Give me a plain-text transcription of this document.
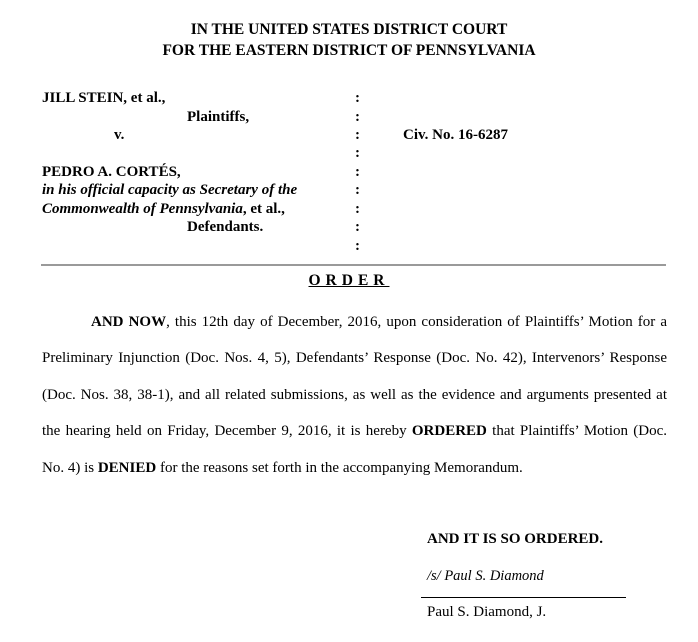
IN THE UNITED STATES DISTRICT COURT
FOR THE EASTERN DISTRICT OF PENNSYLVANIA
JILL STEIN, et al.,
Plaintiffs,
v.
PEDRO A. CORTÉS,
in his official capacity as Secretary of the
Commonwealth of Pennsylvania, et al.,
Defendants.
Civ. No. 16-6287
:
:
:
:
:
:
:
:
:
ORDER

AND NOW, this 12th day of December, 2016, upon consideration of Plaintiffs’ Motion for a Preliminary Injunction (Doc. Nos. 4, 5), Defendants’ Response (Doc. No. 42), Intervenors’ Response (Doc. Nos. 38, 38-1), and all related submissions, as well as the evidence and arguments presented at the hearing held on Friday, December 9, 2016, it is hereby ORDERED that Plaintiffs’ Motion (Doc. No. 4) is DENIED for the reasons set forth in the accompanying Memorandum.

AND IT IS SO ORDERED.
/s/ Paul S. Diamond
Paul S. Diamond, J.
